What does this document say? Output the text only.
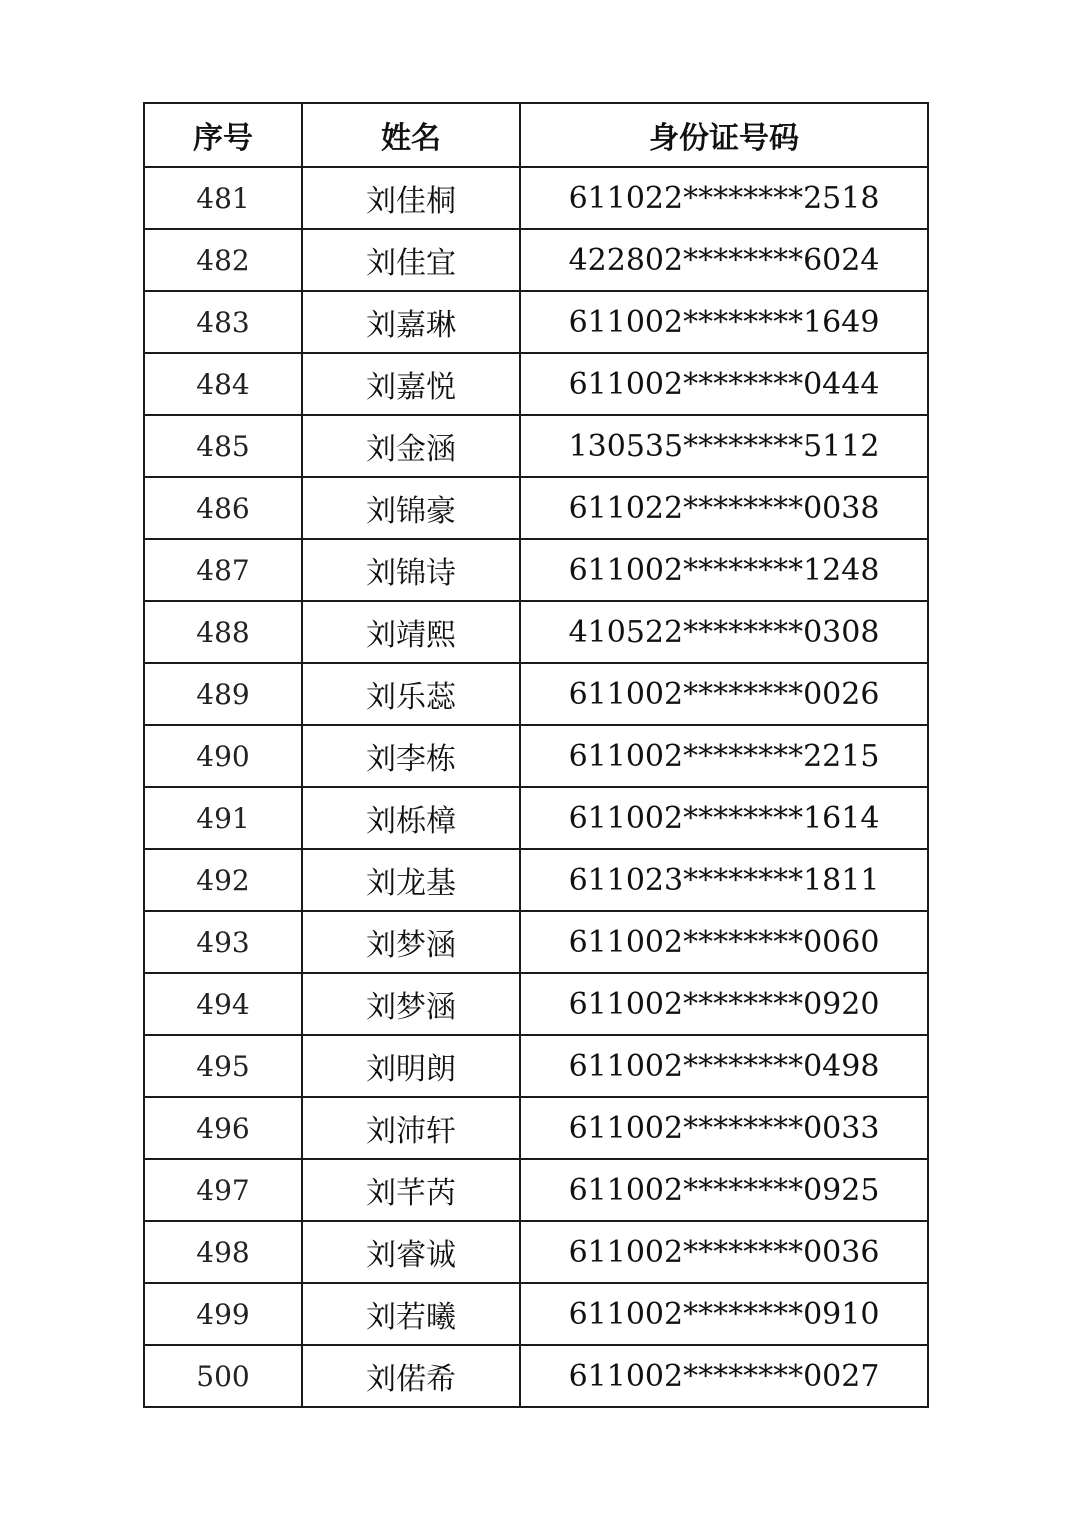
序号	姓名	身份证号码
481	刘佳桐	611022********2518
482	刘佳宜	422802********6024
483	刘嘉琳	611002********1649
484	刘嘉悦	611002********0444
485	刘金涵	130535********5112
486	刘锦豪	611022********0038
487	刘锦诗	611002********1248
488	刘靖熙	410522********0308
489	刘乐蕊	611002********0026
490	刘李栋	611002********2215
491	刘栎樟	611002********1614
492	刘龙基	611023********1811
493	刘梦涵	611002********0060
494	刘梦涵	611002********0920
495	刘明朗	611002********0498
496	刘沛轩	611002********0033
497	刘芊芮	611002********0925
498	刘睿诚	611002********0036
499	刘若曦	611002********0910
500	刘偌希	611002********0027
